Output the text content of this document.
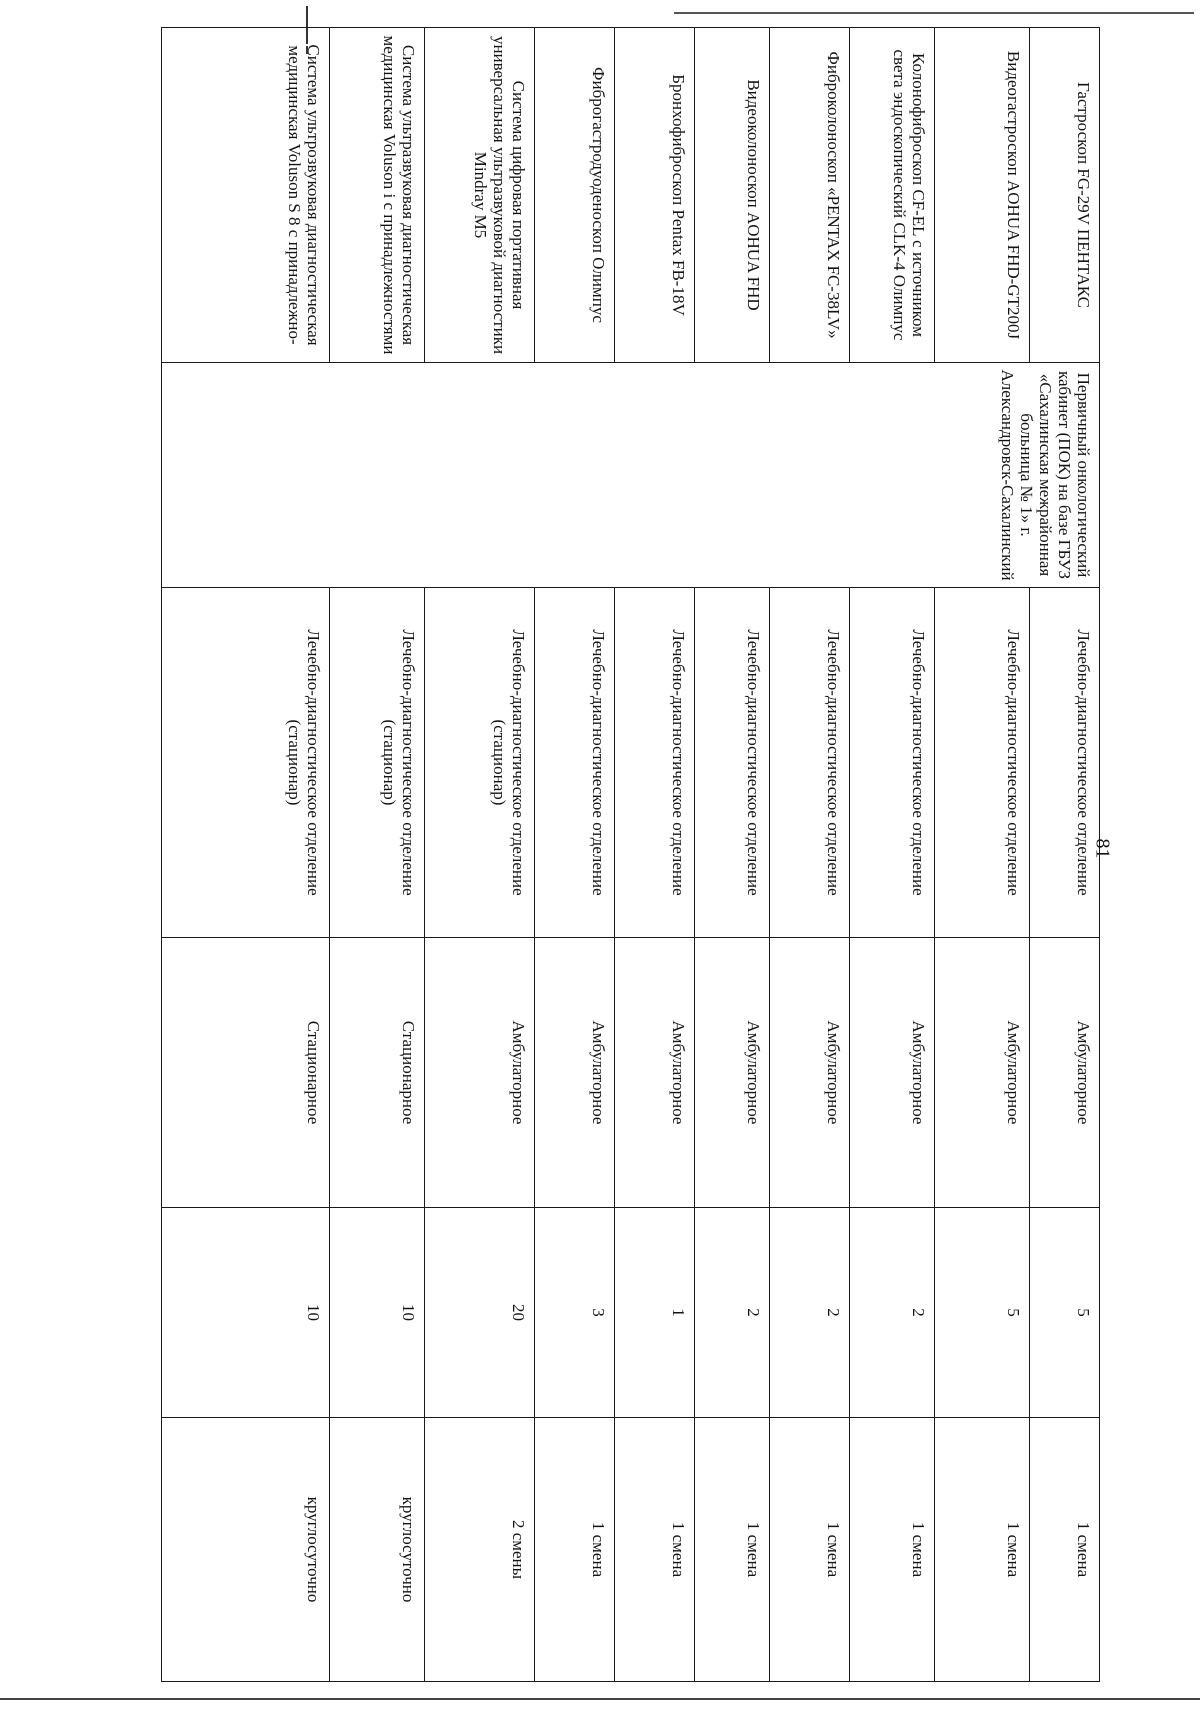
81
Гастроскоп FG-29V ПЕНТАКС	Первичный онкологический кабинет (ПОК) на базе ГБУЗ «Сахалинская межрайонная больница № 1» г. Александровск-Сахалинский	Лечебно-диагностическое отделение	Амбулаторное	5	1 смена
Видеогастроскоп AOHUA FHD-GT200J		Лечебно-диагностическое отделение	Амбулаторное	5	1 смена
Колонофиброскоп CF-EL с источником света эндоскопический CLK-4 Олимпус		Лечебно-диагностическое отделение	Амбулаторное	2	1 смена
Фиброколоноскоп «PENTAX FC-38LV»		Лечебно-диагностическое отделение	Амбулаторное	2	1 смена
Видеоколоноскоп AOHUA FHD		Лечебно-диагностическое отделение	Амбулаторное	2	1 смена
Бронхофиброскоп Pentax FB-18V		Лечебно-диагностическое отделение	Амбулаторное	1	1 смена
Фиброгастродуоденоскоп Олимпус		Лечебно-диагностическое отделение	Амбулаторное	3	1 смена
Система цифровая портативная универсальная ультразвуковой диагностики Mindray M5		Лечебно-диагностическое отделение (стационар)	Амбулаторное	20	2 смены
Система ультразвуковая диагностическая медицинская Voluson i с принадлежностями		Лечебно-диагностическое отделение (стационар)	Стационарное	10	круглосуточно
Система ультрозвуковая диагностическая медицинская Voluson S 8 с принадлежно-		Лечебно-диагностическое отделение (стационар)	Стационарное	10	круглосуточно
